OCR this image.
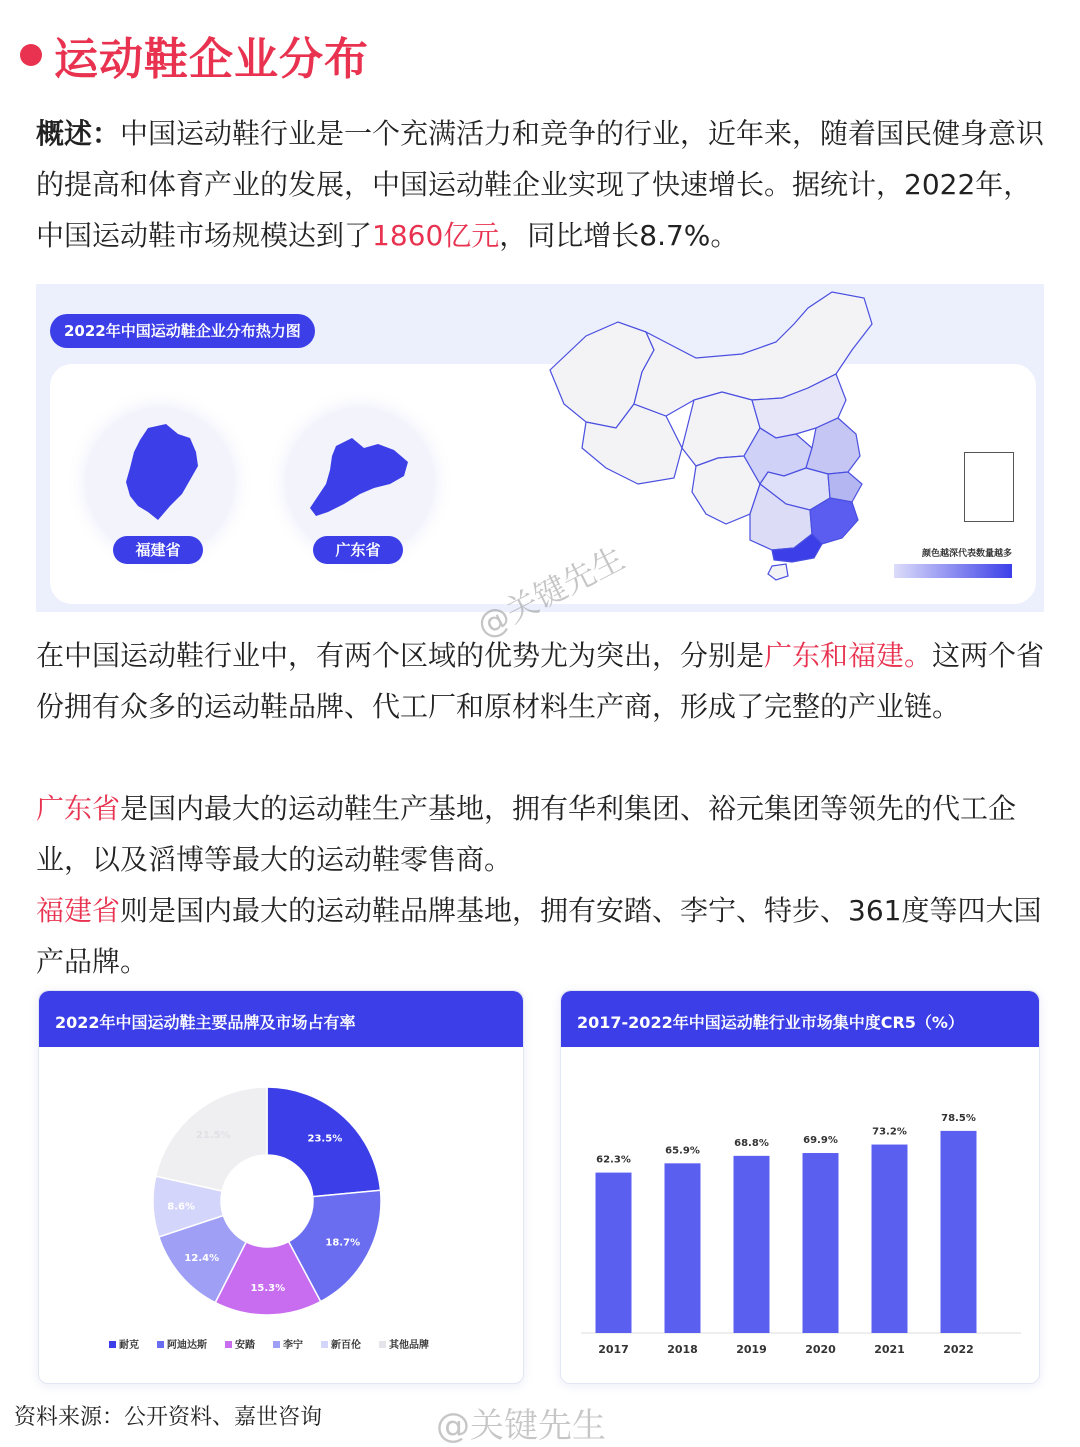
运动鞋企业分布
概述：中国运动鞋行业是一个充满活力和竞争的行业，近年来，随着国民健身意识的提高和体育产业的发展，中国运动鞋企业实现了快速增长。据统计，2022年，中国运动鞋市场规模达到了1860亿元，同比增长8.7%。
2022年中国运动鞋企业分布热力图
福建省	广东省	颜色越深代表数量越多
@关键先生
在中国运动鞋行业中，有两个区域的优势尤为突出，分别是广东和福建。这两个省份拥有众多的运动鞋品牌、代工厂和原材料生产商，形成了完整的产业链。
广东省是国内最大的运动鞋生产基地，拥有华利集团、裕元集团等领先的代工企业，以及滔博等最大的运动鞋零售商。
福建省则是国内最大的运动鞋品牌基地，拥有安踏、李宁、特步、361度等四大国产品牌。
2022年中国运动鞋主要品牌及市场占有率
23.5%
18.7%
15.3%
12.4%
8.6%
21.5%
耐克	阿迪达斯	安踏	李宁	新百伦	其他品牌
2017-2022年中国运动鞋行业市场集中度CR5（%）
62.3%
2017
65.9%
2018
68.8%
2019
69.9%
2020
73.2%
2021
78.5%
2022
资料来源：公开资料、嘉世咨询	@关键先生
